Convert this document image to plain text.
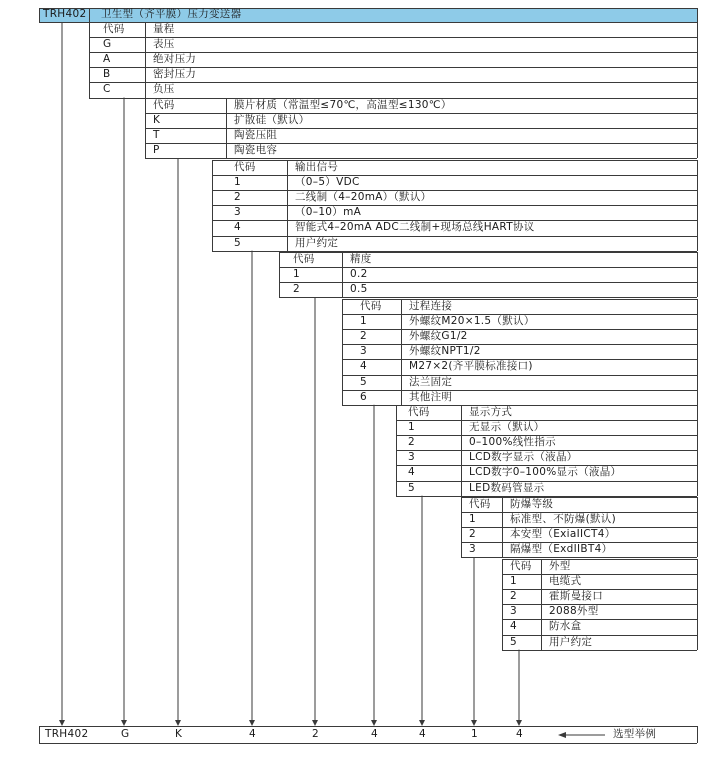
TRH402 卫生型（齐平膜）压力变送器
代码	量程
G	表压
A	绝对压力
B	密封压力
C	负压
代码	膜片材质（常温型≤70℃，高温型≤130℃）
K	扩散硅（默认）
T	陶瓷压阻
P	陶瓷电容
代码	输出信号
1	（0–5）VDC
2	二线制（4–20mA）（默认）
3	（0–10）mA
4	智能式4–20mA ADC二线制+现场总线HART协议
5	用户约定
代码	精度
1	0.2
2	0.5
代码	过程连接
1	外螺纹M20×1.5（默认）
2	外螺纹G1/2
3	外螺纹NPT1/2
4	M27×2(齐平膜标准接口)
5	法兰固定
6	其他注明
代码	显示方式
1	无显示（默认）
2	0–100%线性指示
3	LCD数字显示（液晶）
4	LCD数字0–100%显示（液晶）
5	LED数码管显示
代码 防爆等级
1	标准型、不防爆(默认)
2	本安型（ExiaIICT4）
3	隔爆型（ExdIIBT4）
代码 外型
1	电缆式
2	霍斯曼接口
3	2088外型
4	防水盒
5	用户约定
TRH402	G	K	4	2	4	4	1	4	选型举例
